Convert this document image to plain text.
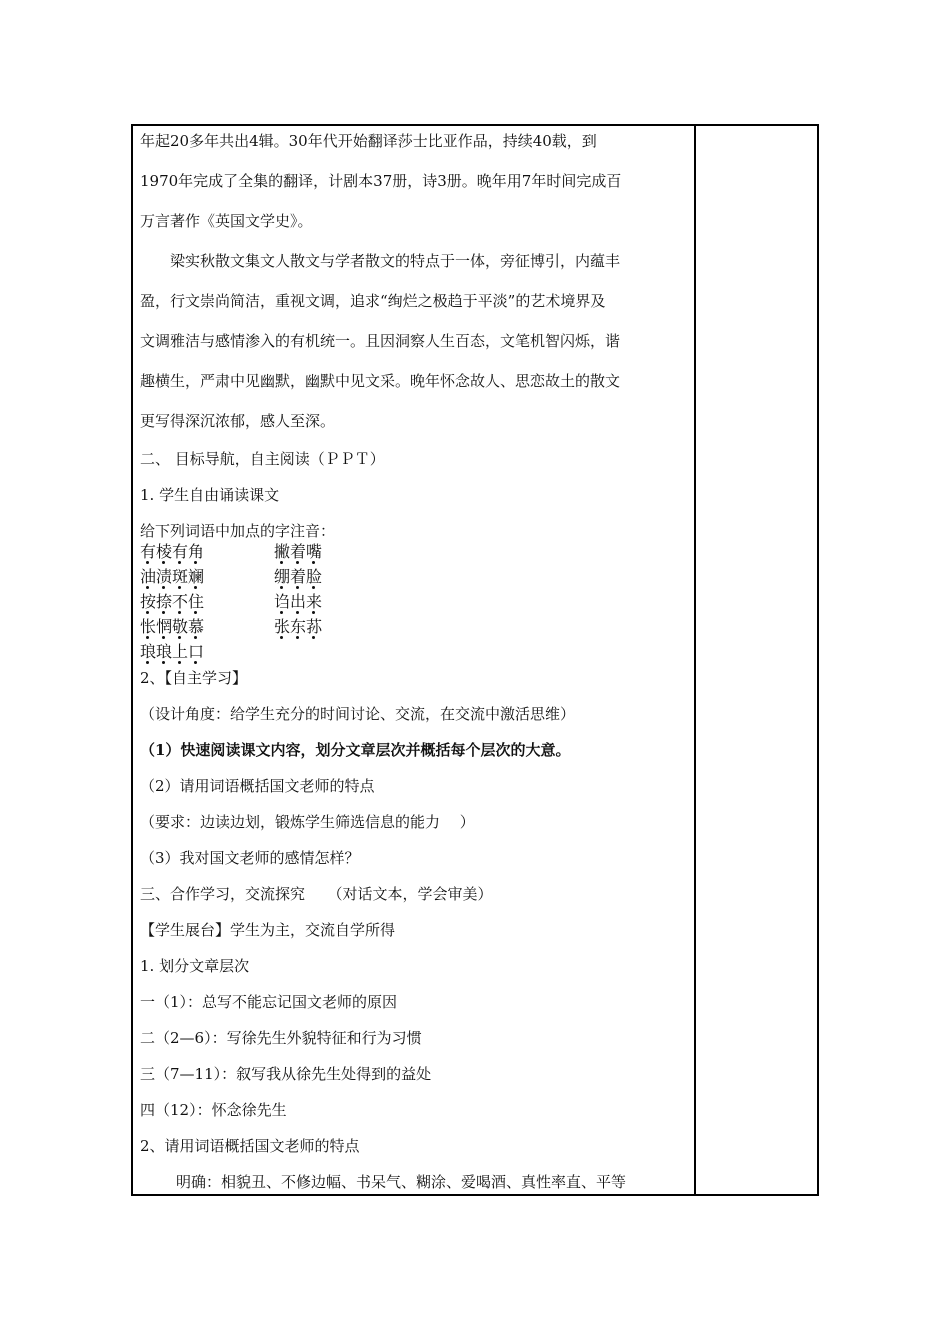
年起20多年共出4辑。30年代开始翻译莎士比亚作品，持续40载，到
1970年完成了全集的翻译，计剧本37册，诗3册。晚年用7年时间完成百
万言著作《英国文学史》。
梁实秋散文集文人散文与学者散文的特点于一体，旁征博引，内蕴丰
盈，行文崇尚简洁，重视文调，追求“绚烂之极趋于平淡”的艺术境界及
文调雅洁与感情渗入的有机统一。且因洞察人生百态，文笔机智闪烁，谐
趣横生，严肃中见幽默，幽默中见文采。晚年怀念故人、思恋故土的散文
更写得深沉浓郁，感人至深。
二、 目标导航，自主阅读（ＰＰＴ）
1. 学生自由诵读课文
给下列词语中加点的字注音：
有棱有角	撇着嘴
油渍斑斓	绷着脸
按捺不住	诌出来
怅惘敬慕	张东荪
琅琅上口
2、【自主学习】
（设计角度：给学生充分的时间讨论、交流，在交流中激活思维）
（1）快速阅读课文内容，划分文章层次并概括每个层次的大意。
（2）请用词语概括国文老师的特点
（要求：边读边划，锻炼学生筛选信息的能力　 ）
（3）我对国文老师的感情怎样？
三、合作学习，交流探究　　（对话文本，学会审美）
【学生展台】学生为主，交流自学所得
1. 划分文章层次
一（1）：总写不能忘记国文老师的原因
二（2—6）：写徐先生外貌特征和行为习惯
三（7—11）：叙写我从徐先生处得到的益处
四（12）：怀念徐先生
2、请用词语概括国文老师的特点
明确：相貌丑、不修边幅、书呆气、糊涂、爱喝酒、真性率直、平等
